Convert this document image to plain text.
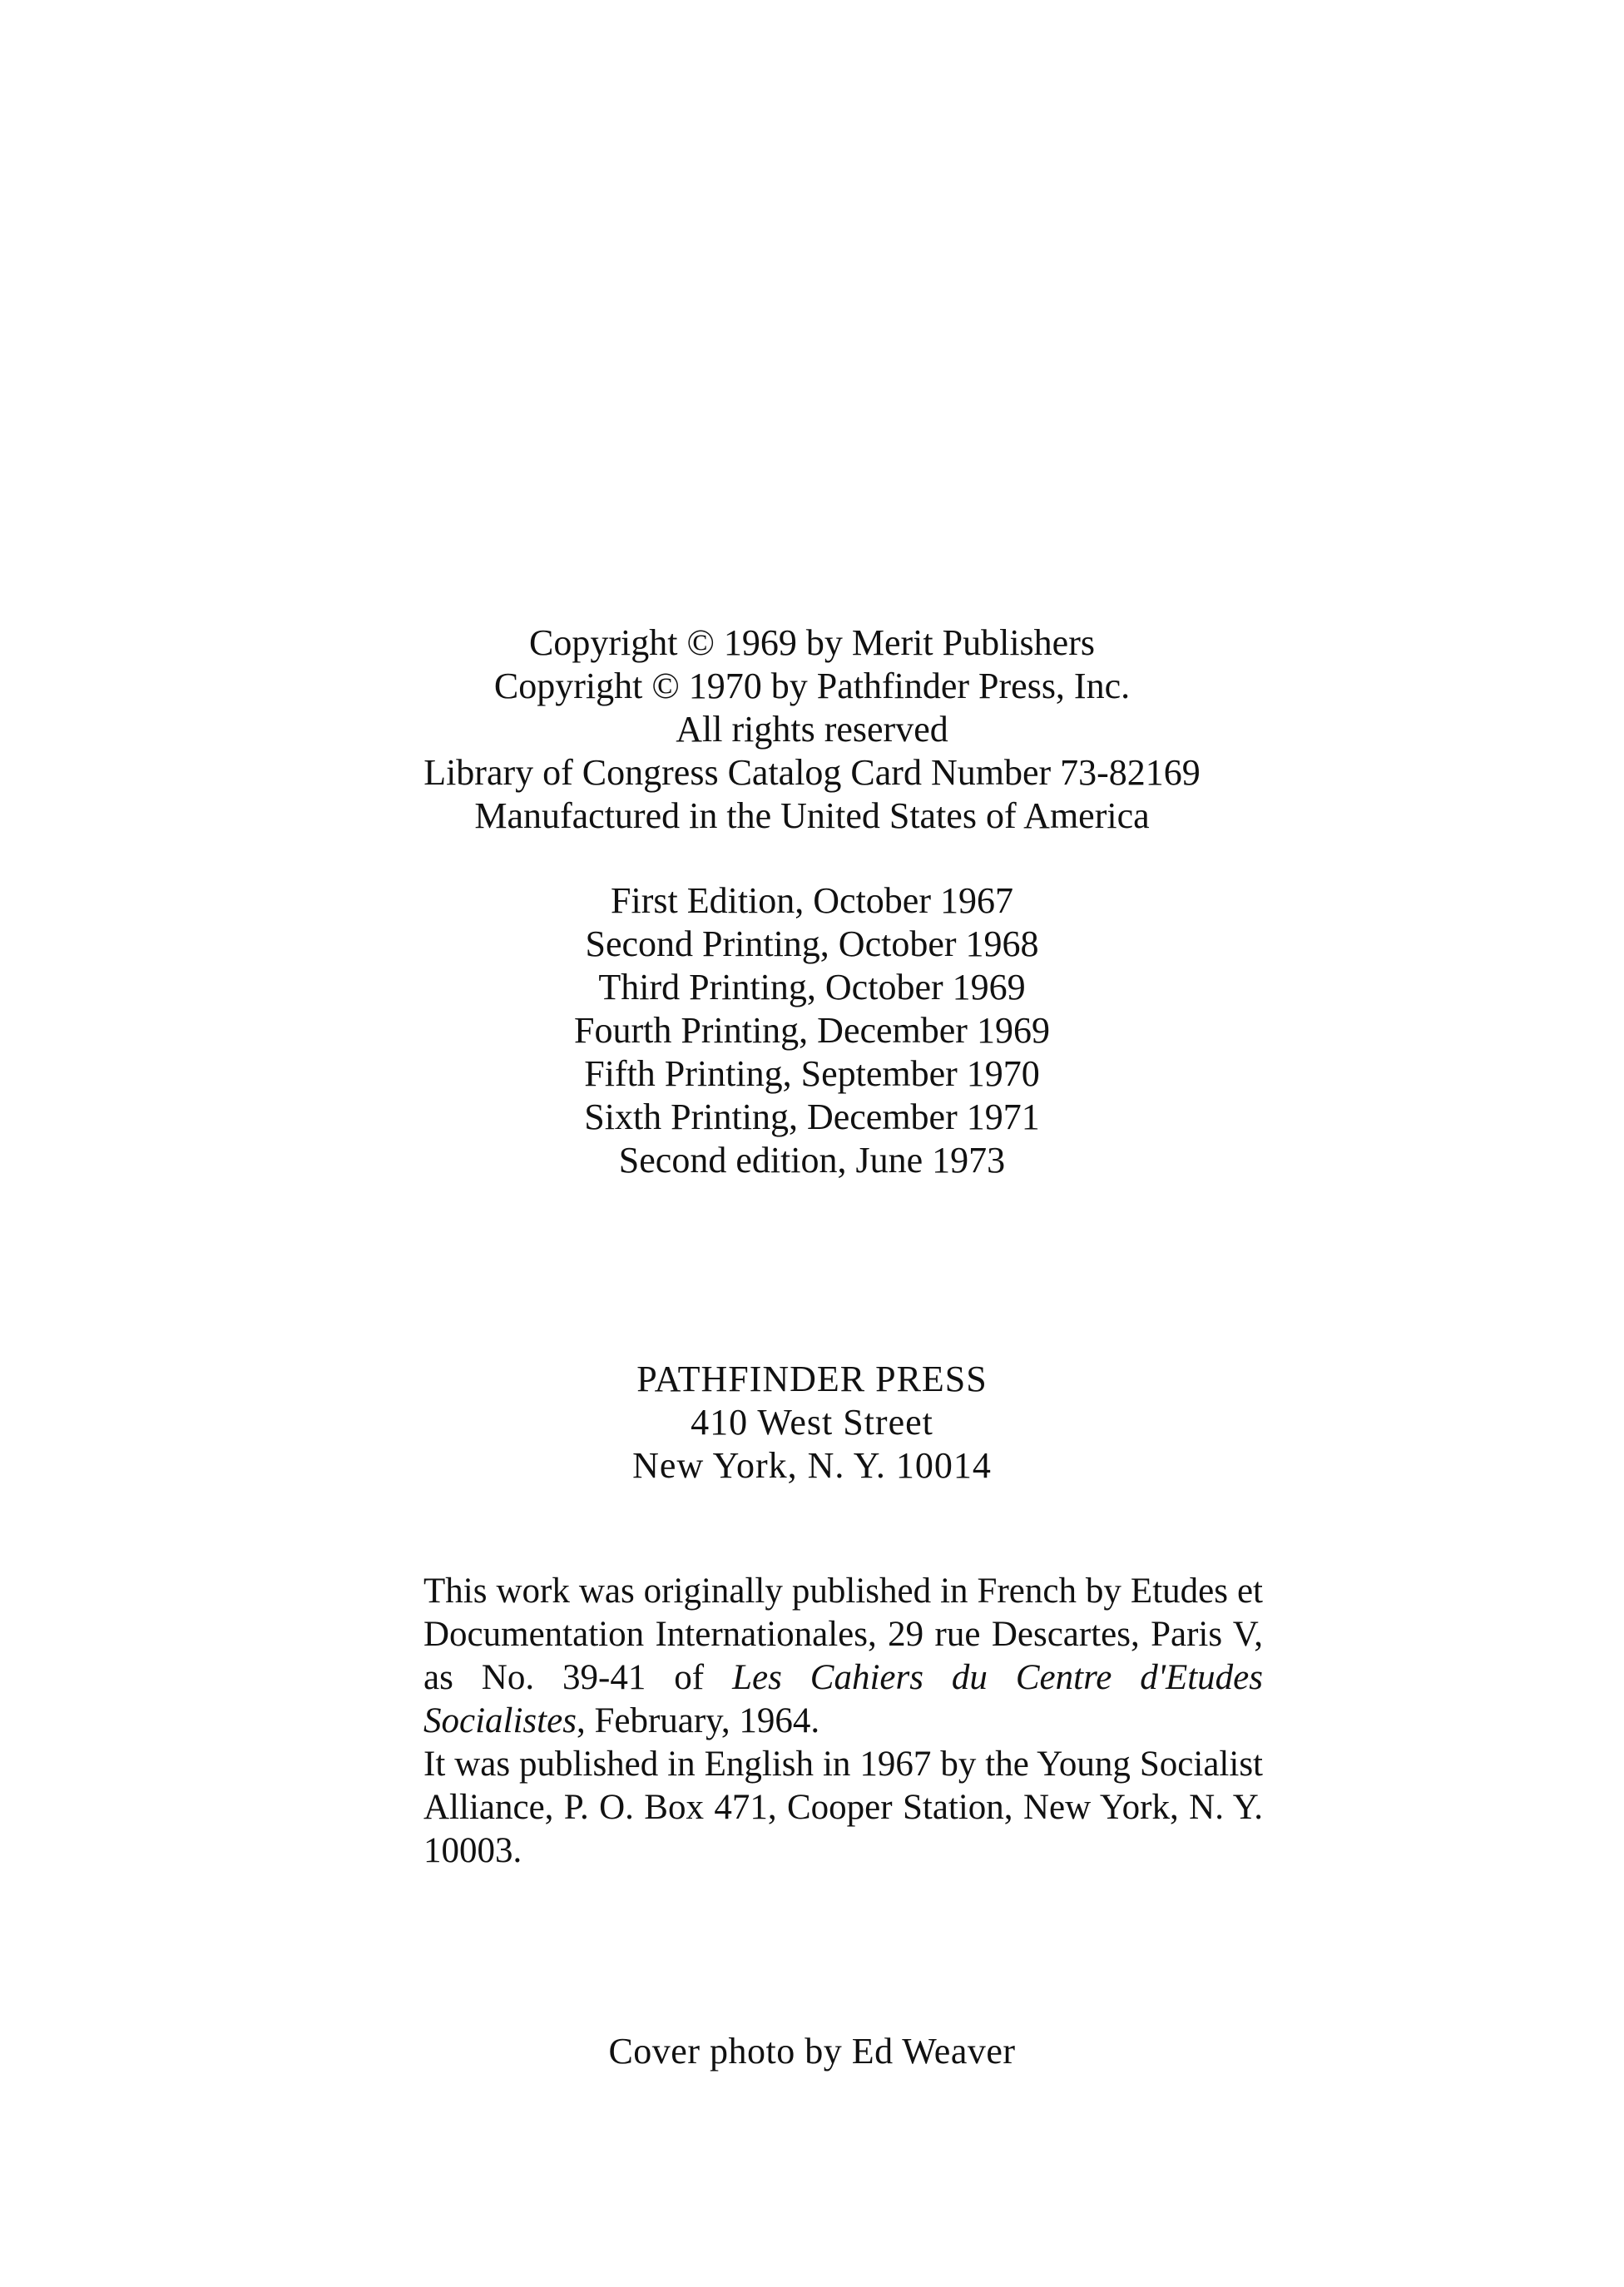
Copyright © 1969 by Merit Publishers
Copyright © 1970 by Pathfinder Press, Inc.
All rights reserved
Library of Congress Catalog Card Number 73-82169
Manufactured in the United States of America
First Edition, October 1967
Second Printing, October 1968
Third Printing, October 1969
Fourth Printing, December 1969
Fifth Printing, September 1970
Sixth Printing, December 1971
Second edition, June 1973
PATHFINDER PRESS
410 West Street
New York, N. Y. 10014

This work was originally published in French by Etudes et Documentation Internationales, 29 rue Descartes, Paris V, as No. 39-41 of Les Cahiers du Centre d'Etudes Socialistes, February, 1964.

It was published in English in 1967 by the Young Socialist Alliance, P. O. Box 471, Cooper Station, New York, N. Y. 10003.

Cover photo by Ed Weaver
